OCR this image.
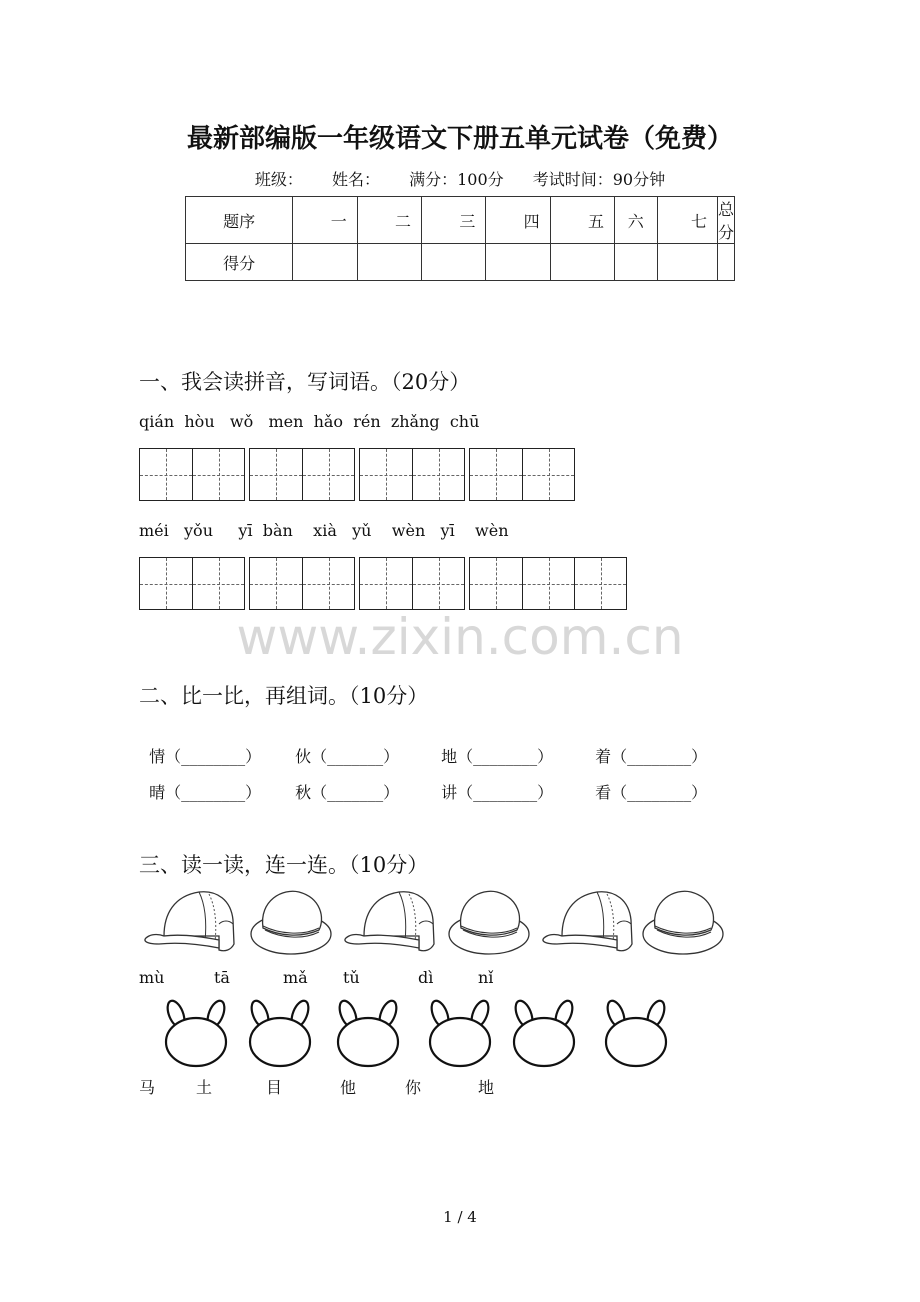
最新部编版一年级语文下册五单元试卷（免费）
班级： 姓名： 满分：100分 考试时间：90分钟
题序	一	二	三	四	五	六	七	总分
得分								
一、我会读拼音，写词语。（20分）
qián  hòu   wǒ   men  hǎo  rén  zhǎng  chū
méi   yǒu     yī  bàn    xià   yǔ    wèn   yī    wèn
www.zixin.com.cn
二、比一比，再组词。（10分）

情（________） 伙（_______）	地（________）	着（________）

晴（________） 秋（_______）	讲（________）	看（________）

三、读一读，连一连。（10分）
mù	tā	mǎ tǔ	dì	nǐ
马	土	目	他	你	地
1 / 4
